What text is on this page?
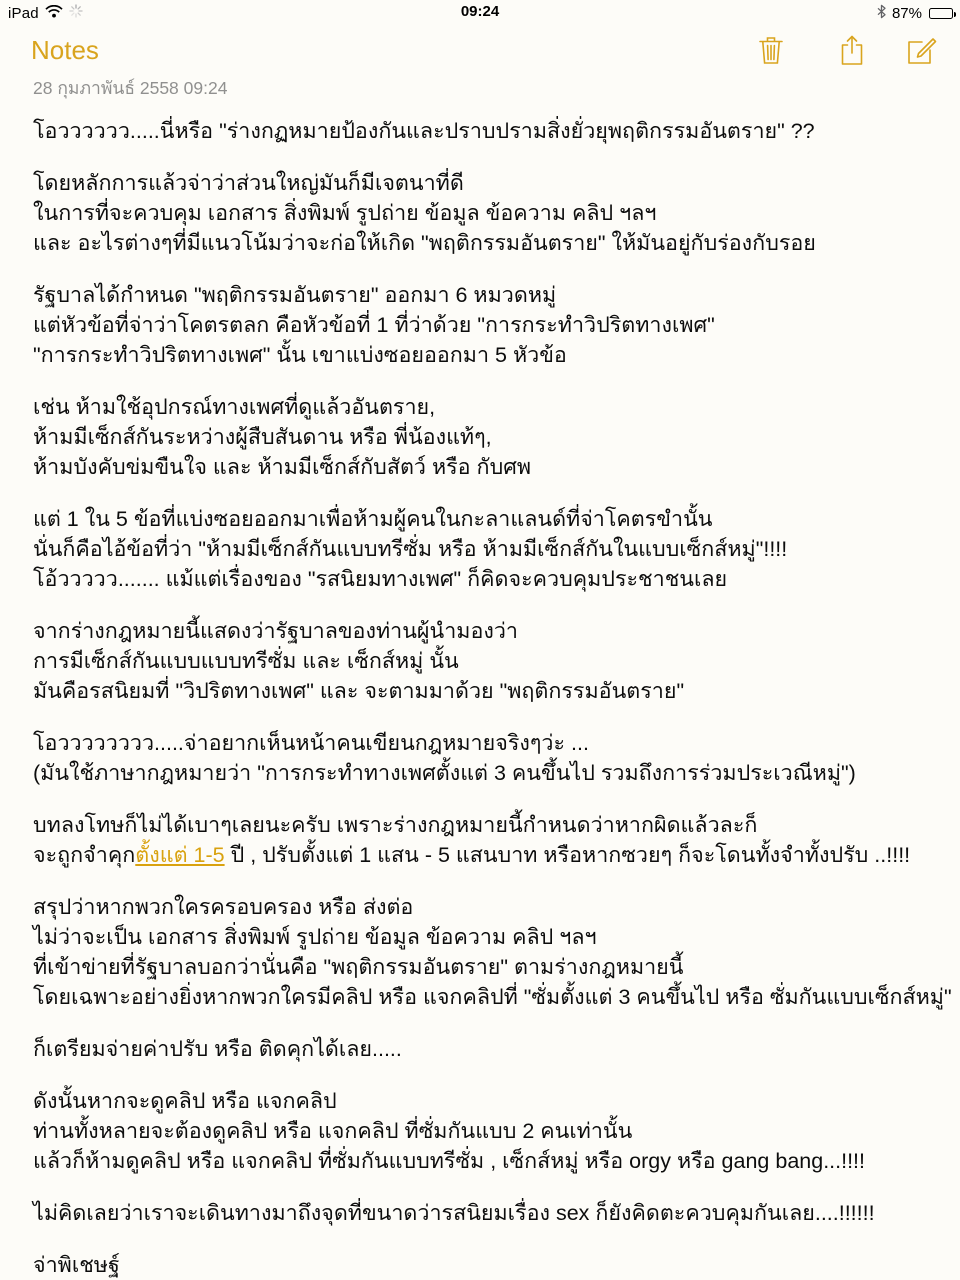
iPad	09:24	87%
Notes
28 กุมภาพันธ์ 2558 09:24
โอวววววว.....นี่หรือ "ร่างกฏหมายป้องกันและปราบปรามสิ่งยั่วยุพฤติกรรมอันตราย" ??
โดยหลักการแล้วจ่าว่าส่วนใหญ่มันก็มีเจตนาที่ดี
ในการที่จะควบคุม เอกสาร สิ่งพิมพ์ รูปถ่าย ข้อมูล ข้อความ คลิป ฯลฯ
และ อะไรต่างๆที่มีแนวโน้มว่าจะก่อให้เกิด "พฤติกรรมอันตราย" ให้มันอยู่กับร่องกับรอย
รัฐบาลได้กำหนด "พฤติกรรมอันตราย" ออกมา 6 หมวดหมู่
แต่หัวข้อที่จ่าว่าโคตรตลก คือหัวข้อที่ 1 ที่ว่าด้วย "การกระทำวิปริตทางเพศ"
"การกระทำวิปริตทางเพศ" นั้น เขาแบ่งซอยออกมา 5 หัวข้อ
เช่น ห้ามใช้อุปกรณ์ทางเพศที่ดูแล้วอันตราย,
ห้ามมีเซ็กส์กันระหว่างผู้สืบสันดาน หรือ พี่น้องแท้ๆ,
ห้ามบังคับข่มขืนใจ และ ห้ามมีเซ็กส์กับสัตว์ หรือ กับศพ
แต่ 1 ใน 5 ข้อที่แบ่งซอยออกมาเพื่อห้ามผู้คนในกะลาแลนด์ที่จ่าโคตรขำนั้น
นั่นก็คือไอ้ข้อที่ว่า "ห้ามมีเซ็กส์กันแบบทรีซั่ม หรือ ห้ามมีเซ็กส์กันในแบบเซ็กส์หมู่"!!!!
โอ้ววววว....... แม้แต่เรื่องของ "รสนิยมทางเพศ" ก็คิดจะควบคุมประชาชนเลย
จากร่างกฎหมายนี้แสดงว่ารัฐบาลของท่านผู้นำมองว่า
การมีเซ็กส์กันแบบแบบทรีซั่ม และ เซ็กส์หมู่ นั้น
มันคือรสนิยมที่ "วิปริตทางเพศ" และ จะตามมาด้วย "พฤติกรรมอันตราย"
โอวววววววว.....จ่าอยากเห็นหน้าคนเขียนกฎหมายจริงๆว่ะ ...
(มันใช้ภาษากฎหมายว่า "การกระทำทางเพศตั้งแต่ 3 คนขึ้นไป รวมถึงการร่วมประเวณีหมู่")
บทลงโทษก็ไม่ได้เบาๆเลยนะครับ เพราะร่างกฎหมายนี้กำหนดว่าหากผิดแล้วละก็
จะถูกจำคุกตั้งแต่ 1-5 ปี , ปรับตั้งแต่ 1 แสน - 5 แสนบาท หรือหากซวยๆ ก็จะโดนทั้งจำทั้งปรับ ..!!!!
สรุปว่าหากพวกใครครอบครอง หรือ ส่งต่อ
ไม่ว่าจะเป็น เอกสาร สิ่งพิมพ์ รูปถ่าย ข้อมูล ข้อความ คลิป ฯลฯ
ที่เข้าข่ายที่รัฐบาลบอกว่านั่นคือ "พฤติกรรมอันตราย" ตามร่างกฎหมายนี้
โดยเฉพาะอย่างยิ่งหากพวกใครมีคลิป หรือ แจกคลิปที่ "ซั่มตั้งแต่ 3 คนขึ้นไป หรือ ซั่มกันแบบเซ็กส์หมู่"
ก็เตรียมจ่ายค่าปรับ หรือ ติดคุกได้เลย.....
ดังนั้นหากจะดูคลิป หรือ แจกคลิป
ท่านทั้งหลายจะต้องดูคลิป หรือ แจกคลิป ที่ซั่มกันแบบ 2 คนเท่านั้น
แล้วก็ห้ามดูคลิป หรือ แจกคลิป ที่ซั่มกันแบบทรีซั่ม , เซ็กส์หมู่ หรือ orgy หรือ gang bang...!!!!
ไม่คิดเลยว่าเราจะเดินทางมาถึงจุดที่ขนาดว่ารสนิยมเรื่อง sex ก็ยังคิดตะควบคุมกันเลย....!!!!!!
จ่าพิเชษฐ์
